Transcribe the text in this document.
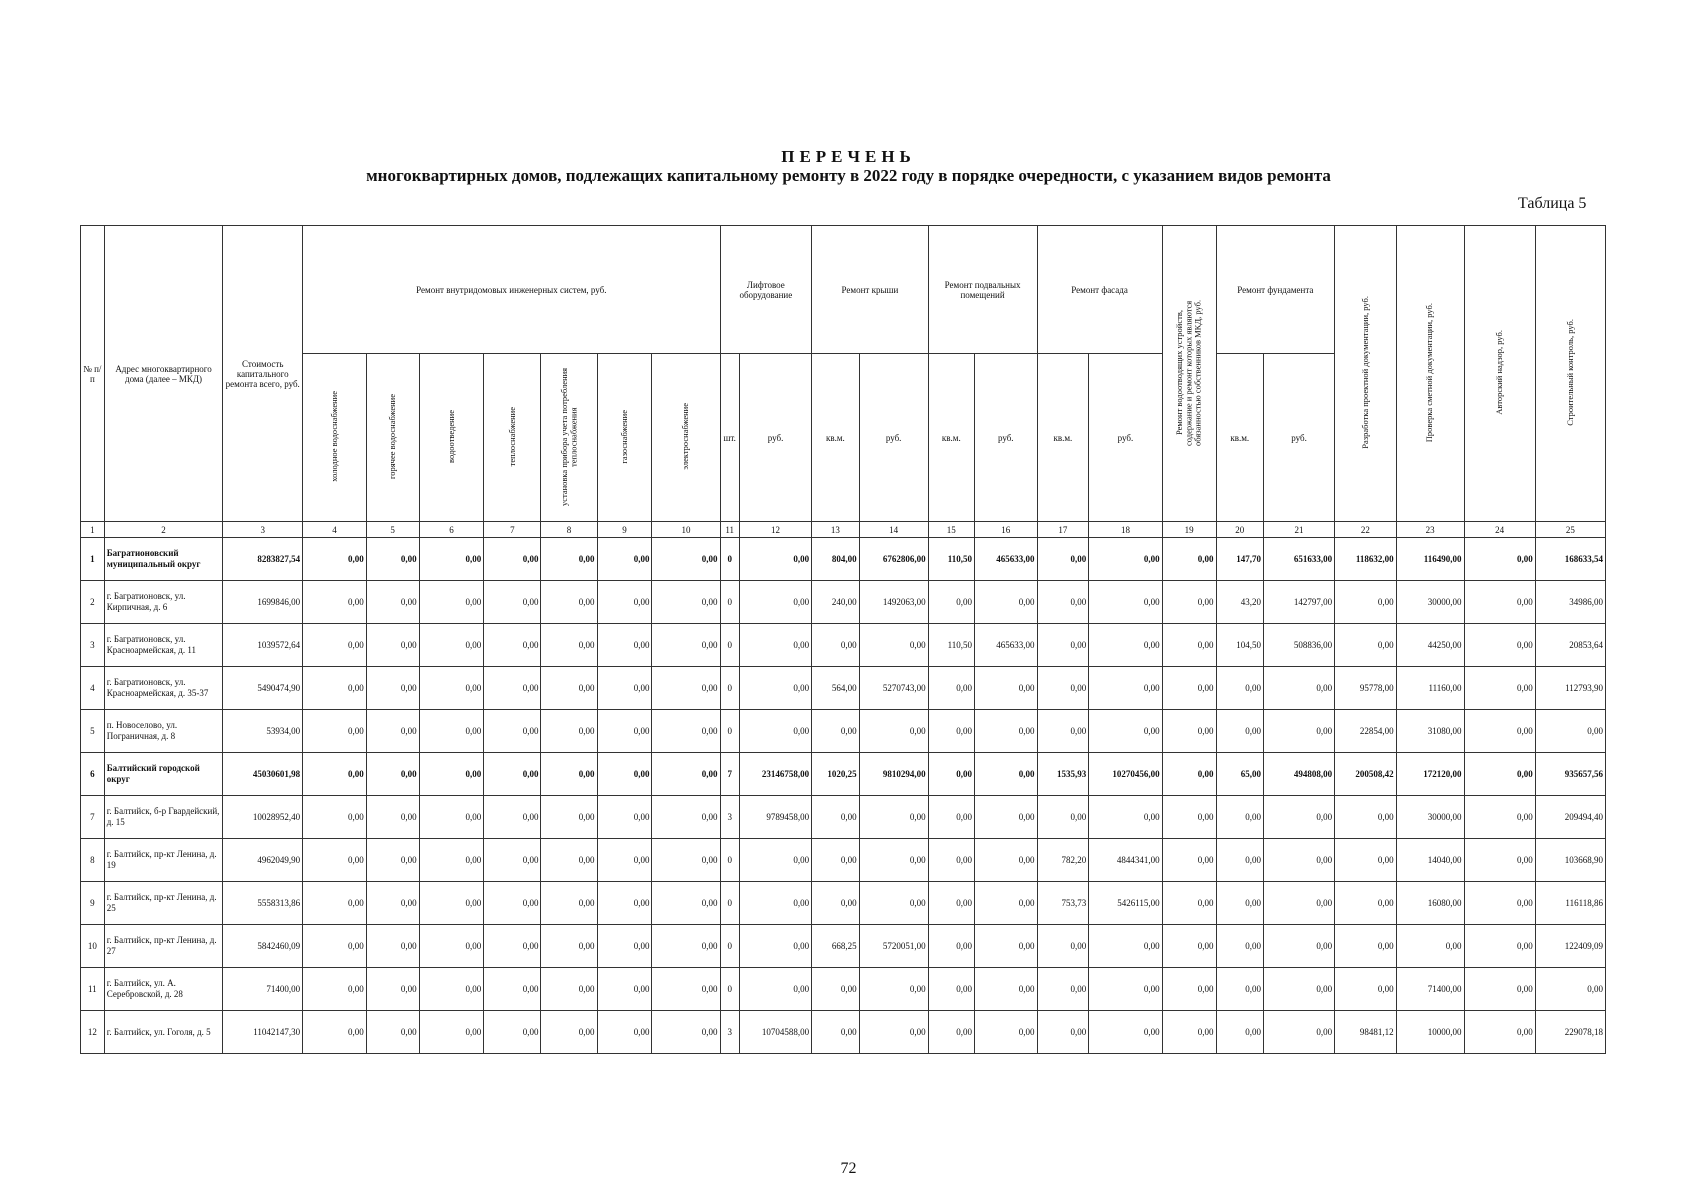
ПЕРЕЧЕНЬ
многоквартирных домов, подлежащих капитальному ремонту в 2022 году в порядке очередности, с указанием видов ремонта
Таблица 5
№ п/п	Адрес многоквартирного дома (далее – МКД)	Стоимость капитального ремонта всего, руб.	Ремонт внутридомовых инженерных систем, руб.							Лифтовое оборудование		Ремонт крыши		Ремонт подвальных помещений		Ремонт фасада		Ремонт водоотводящих устройств, содержание и ремонт которых являются обязанностью собственников МКД, руб.	Ремонт фундамента		Разработка проектной документации, руб.	Проверка сметной документации, руб.	Авторский надзор, руб.	Строительный контроль, руб.
			холодное водоснабжение	горячее водоснабжение	водоотведение	теплоснабжение	установка прибора учета потребления теплоснабжения	газоснабжение	электроснабжение	шт.	руб.	кв.м.	руб.	кв.м.	руб.	кв.м.	руб.		кв.м.	руб.				
1	2	3	4	5	6	7	8	9	10	11	12	13	14	15	16	17	18	19	20	21	22	23	24	25
1	Багратионовский муниципальный округ	8283827,54	0,00	0,00	0,00	0,00	0,00	0,00	0,00	0	0,00	804,00	6762806,00	110,50	465633,00	0,00	0,00	0,00	147,70	651633,00	118632,00	116490,00	0,00	168633,54
2	г. Багратионовск, ул. Кирпичная, д. 6	1699846,00	0,00	0,00	0,00	0,00	0,00	0,00	0,00	0	0,00	240,00	1492063,00	0,00	0,00	0,00	0,00	0,00	43,20	142797,00	0,00	30000,00	0,00	34986,00
3	г. Багратионовск, ул. Красноармейская, д. 11	1039572,64	0,00	0,00	0,00	0,00	0,00	0,00	0,00	0	0,00	0,00	0,00	110,50	465633,00	0,00	0,00	0,00	104,50	508836,00	0,00	44250,00	0,00	20853,64
4	г. Багратионовск, ул. Красноармейская, д. 35-37	5490474,90	0,00	0,00	0,00	0,00	0,00	0,00	0,00	0	0,00	564,00	5270743,00	0,00	0,00	0,00	0,00	0,00	0,00	0,00	95778,00	11160,00	0,00	112793,90
5	п. Новоселово, ул. Пограничная, д. 8	53934,00	0,00	0,00	0,00	0,00	0,00	0,00	0,00	0	0,00	0,00	0,00	0,00	0,00	0,00	0,00	0,00	0,00	0,00	22854,00	31080,00	0,00	0,00
6	Балтийский городской округ	45030601,98	0,00	0,00	0,00	0,00	0,00	0,00	0,00	7	23146758,00	1020,25	9810294,00	0,00	0,00	1535,93	10270456,00	0,00	65,00	494808,00	200508,42	172120,00	0,00	935657,56
7	г. Балтийск, б-р Гвардейский, д. 15	10028952,40	0,00	0,00	0,00	0,00	0,00	0,00	0,00	3	9789458,00	0,00	0,00	0,00	0,00	0,00	0,00	0,00	0,00	0,00	0,00	30000,00	0,00	209494,40
8	г. Балтийск, пр-кт Ленина, д. 19	4962049,90	0,00	0,00	0,00	0,00	0,00	0,00	0,00	0	0,00	0,00	0,00	0,00	0,00	782,20	4844341,00	0,00	0,00	0,00	0,00	14040,00	0,00	103668,90
9	г. Балтийск, пр-кт Ленина, д. 25	5558313,86	0,00	0,00	0,00	0,00	0,00	0,00	0,00	0	0,00	0,00	0,00	0,00	0,00	753,73	5426115,00	0,00	0,00	0,00	0,00	16080,00	0,00	116118,86
10	г. Балтийск, пр-кт Ленина, д. 27	5842460,09	0,00	0,00	0,00	0,00	0,00	0,00	0,00	0	0,00	668,25	5720051,00	0,00	0,00	0,00	0,00	0,00	0,00	0,00	0,00	0,00	0,00	122409,09
11	г. Балтийск, ул. А. Серебровской, д. 28	71400,00	0,00	0,00	0,00	0,00	0,00	0,00	0,00	0	0,00	0,00	0,00	0,00	0,00	0,00	0,00	0,00	0,00	0,00	0,00	71400,00	0,00	0,00
12	г. Балтийск, ул. Гоголя, д. 5	11042147,30	0,00	0,00	0,00	0,00	0,00	0,00	0,00	3	10704588,00	0,00	0,00	0,00	0,00	0,00	0,00	0,00	0,00	0,00	98481,12	10000,00	0,00	229078,18
72
